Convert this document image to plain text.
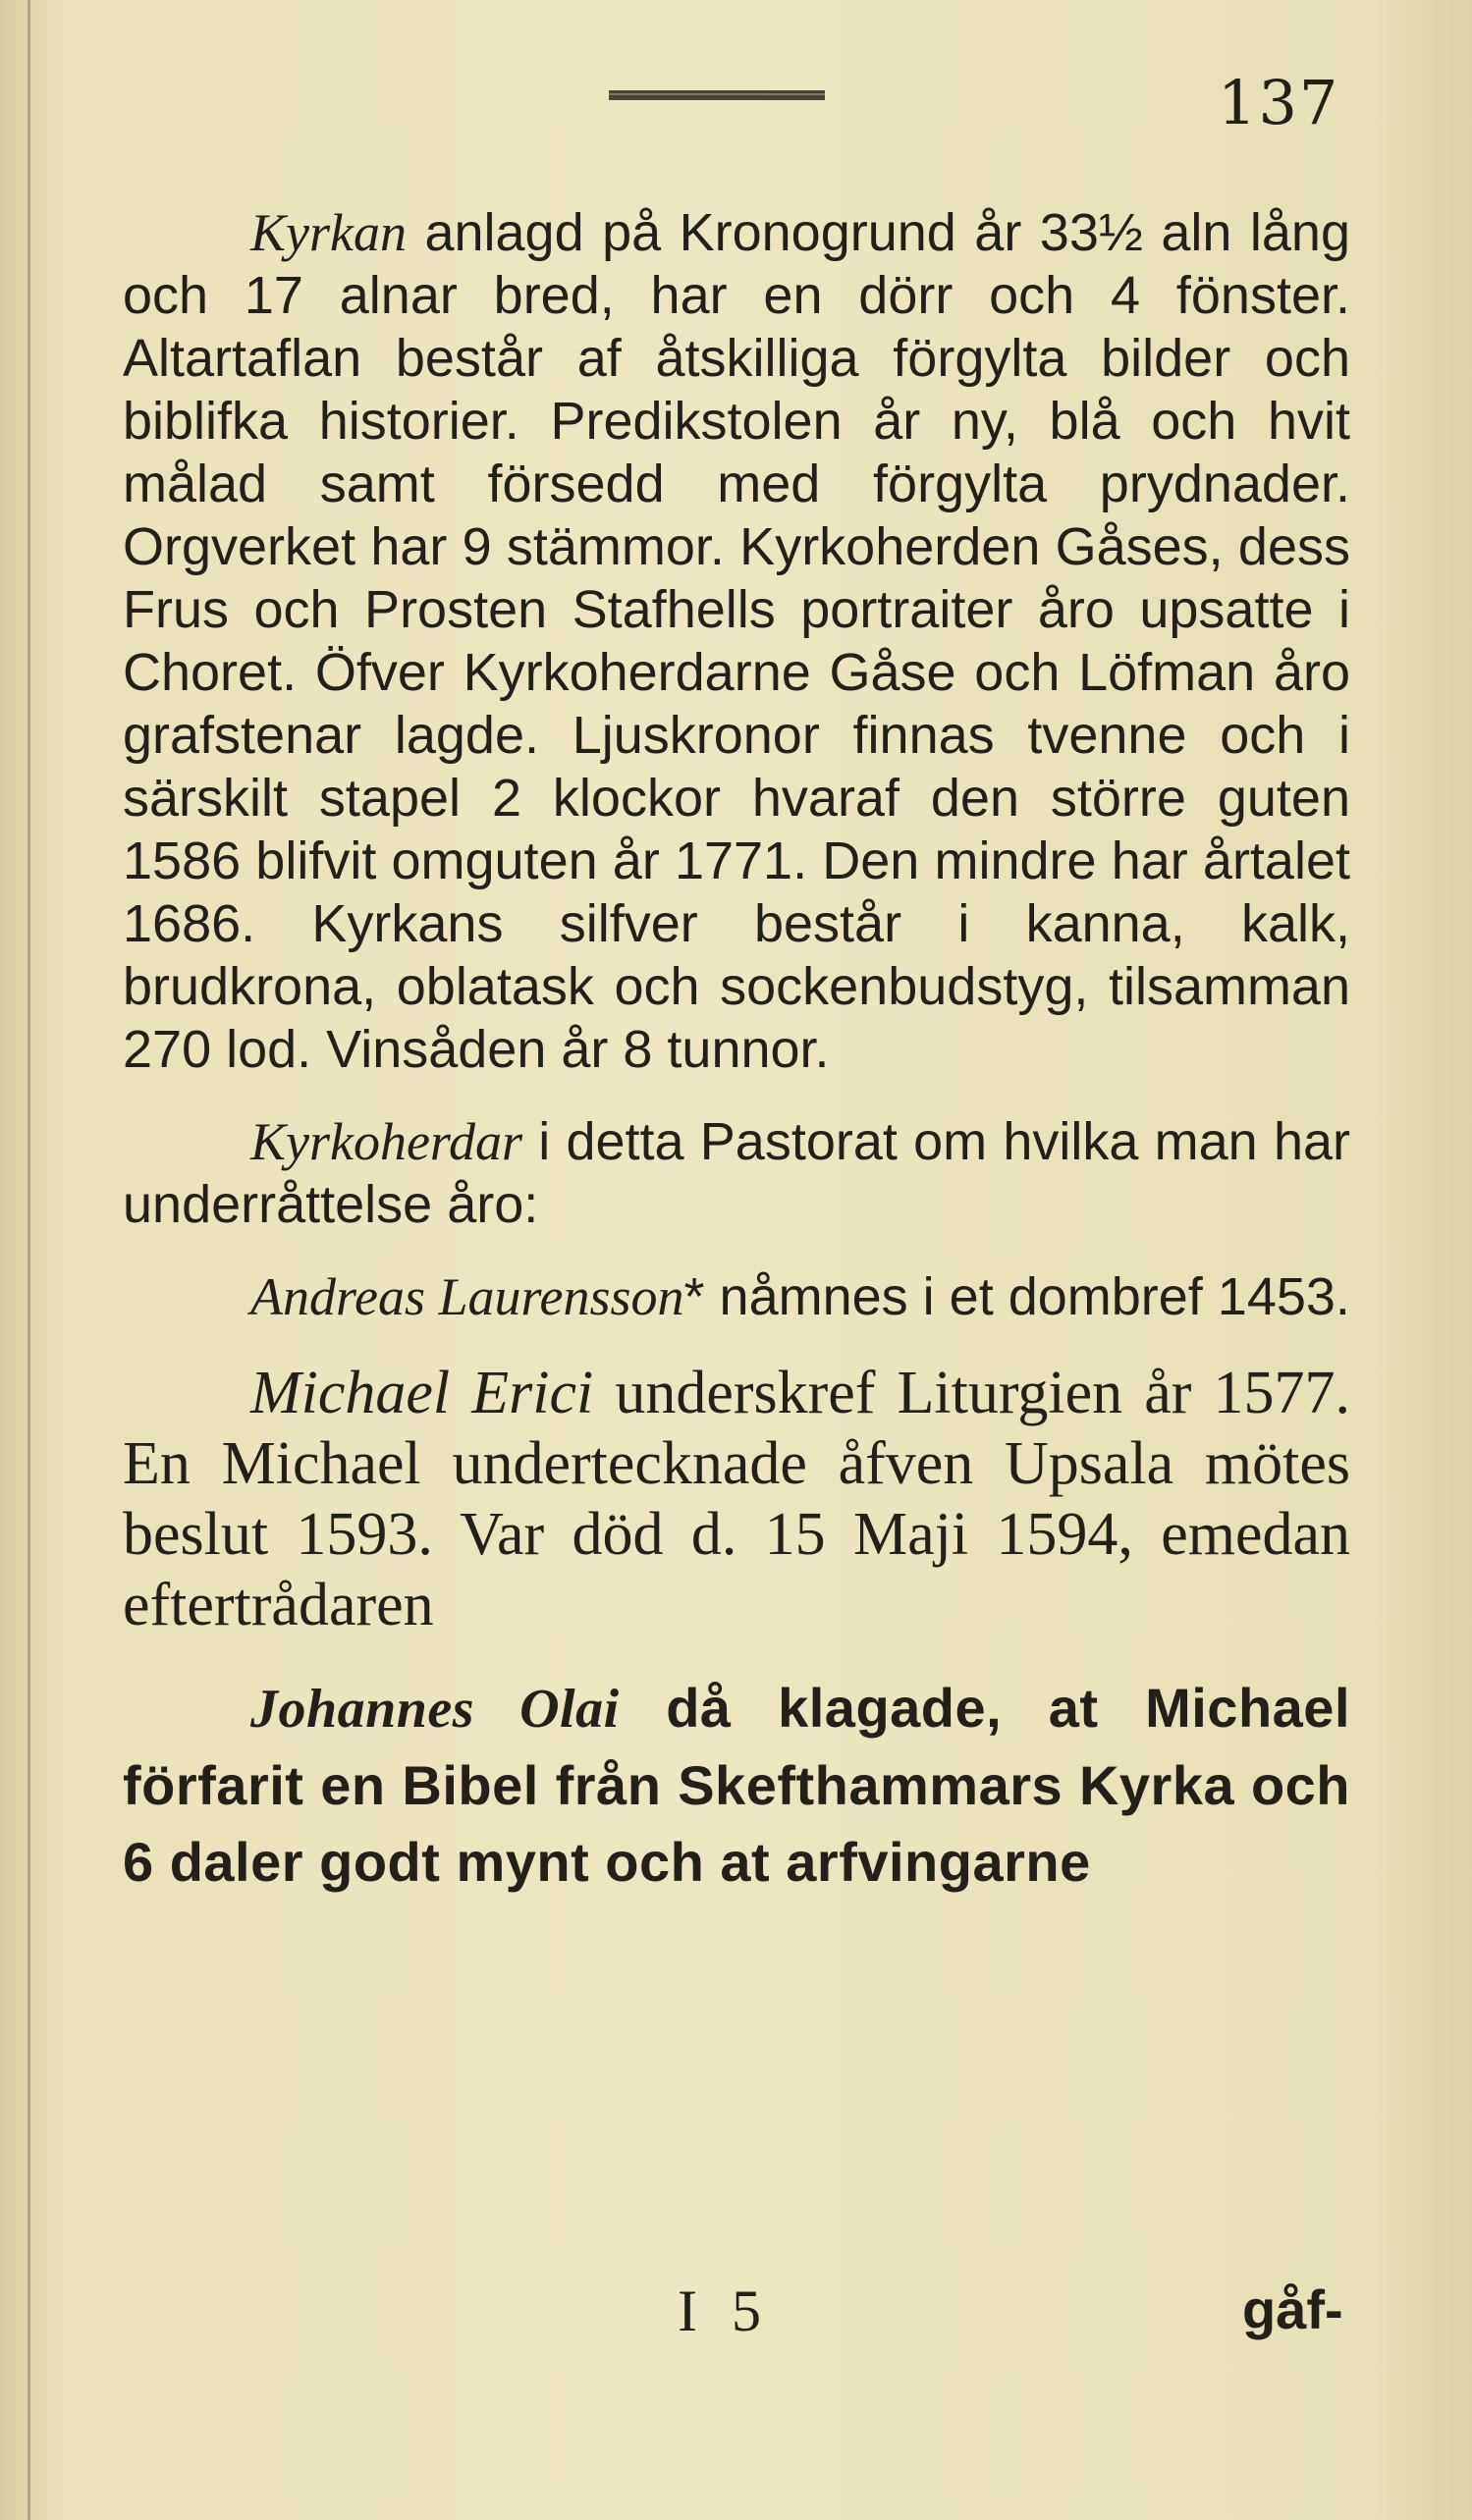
137

Kyrkan anlagd på Kronogrund år 33½ aln lång och 17 alnar bred, har en dörr och 4 fönster. Altartaflan består af åtskilliga förgylta bilder och biblifka historier. Predikstolen år ny, blå och hvit målad samt försedd med förgylta prydnader. Orgverket har 9 stämmor. Kyrkoherden Gåses, dess Frus och Prosten Stafhells portraiter åro upsatte i Choret. Öfver Kyrkoherdarne Gåse och Löfman åro grafstenar lagde. Ljuskronor finnas tvenne och i särskilt stapel 2 klockor hvaraf den större guten 1586 blifvit omguten år 1771. Den mindre har årtalet 1686. Kyrkans silfver består i kanna, kalk, brudkrona, oblatask och sockenbudstyg, tilsamman 270 lod. Vinsåden år 8 tunnor.

Kyrkoherdar i detta Pastorat om hvilka man har underråttelse åro:

Andreas Laurensson* nåmnes i et dombref 1453.

Michael Erici underskref Liturgien år 1577. En Michael undertecknade åfven Upsala mötes beslut 1593. Var död d. 15 Maji 1594, emedan eftertrådaren

Johannes Olai då klagade, at Michael förfarit en Bibel från Skefthammars Kyrka och 6 daler godt mynt och at arfvingarne

I 5	gåf-
